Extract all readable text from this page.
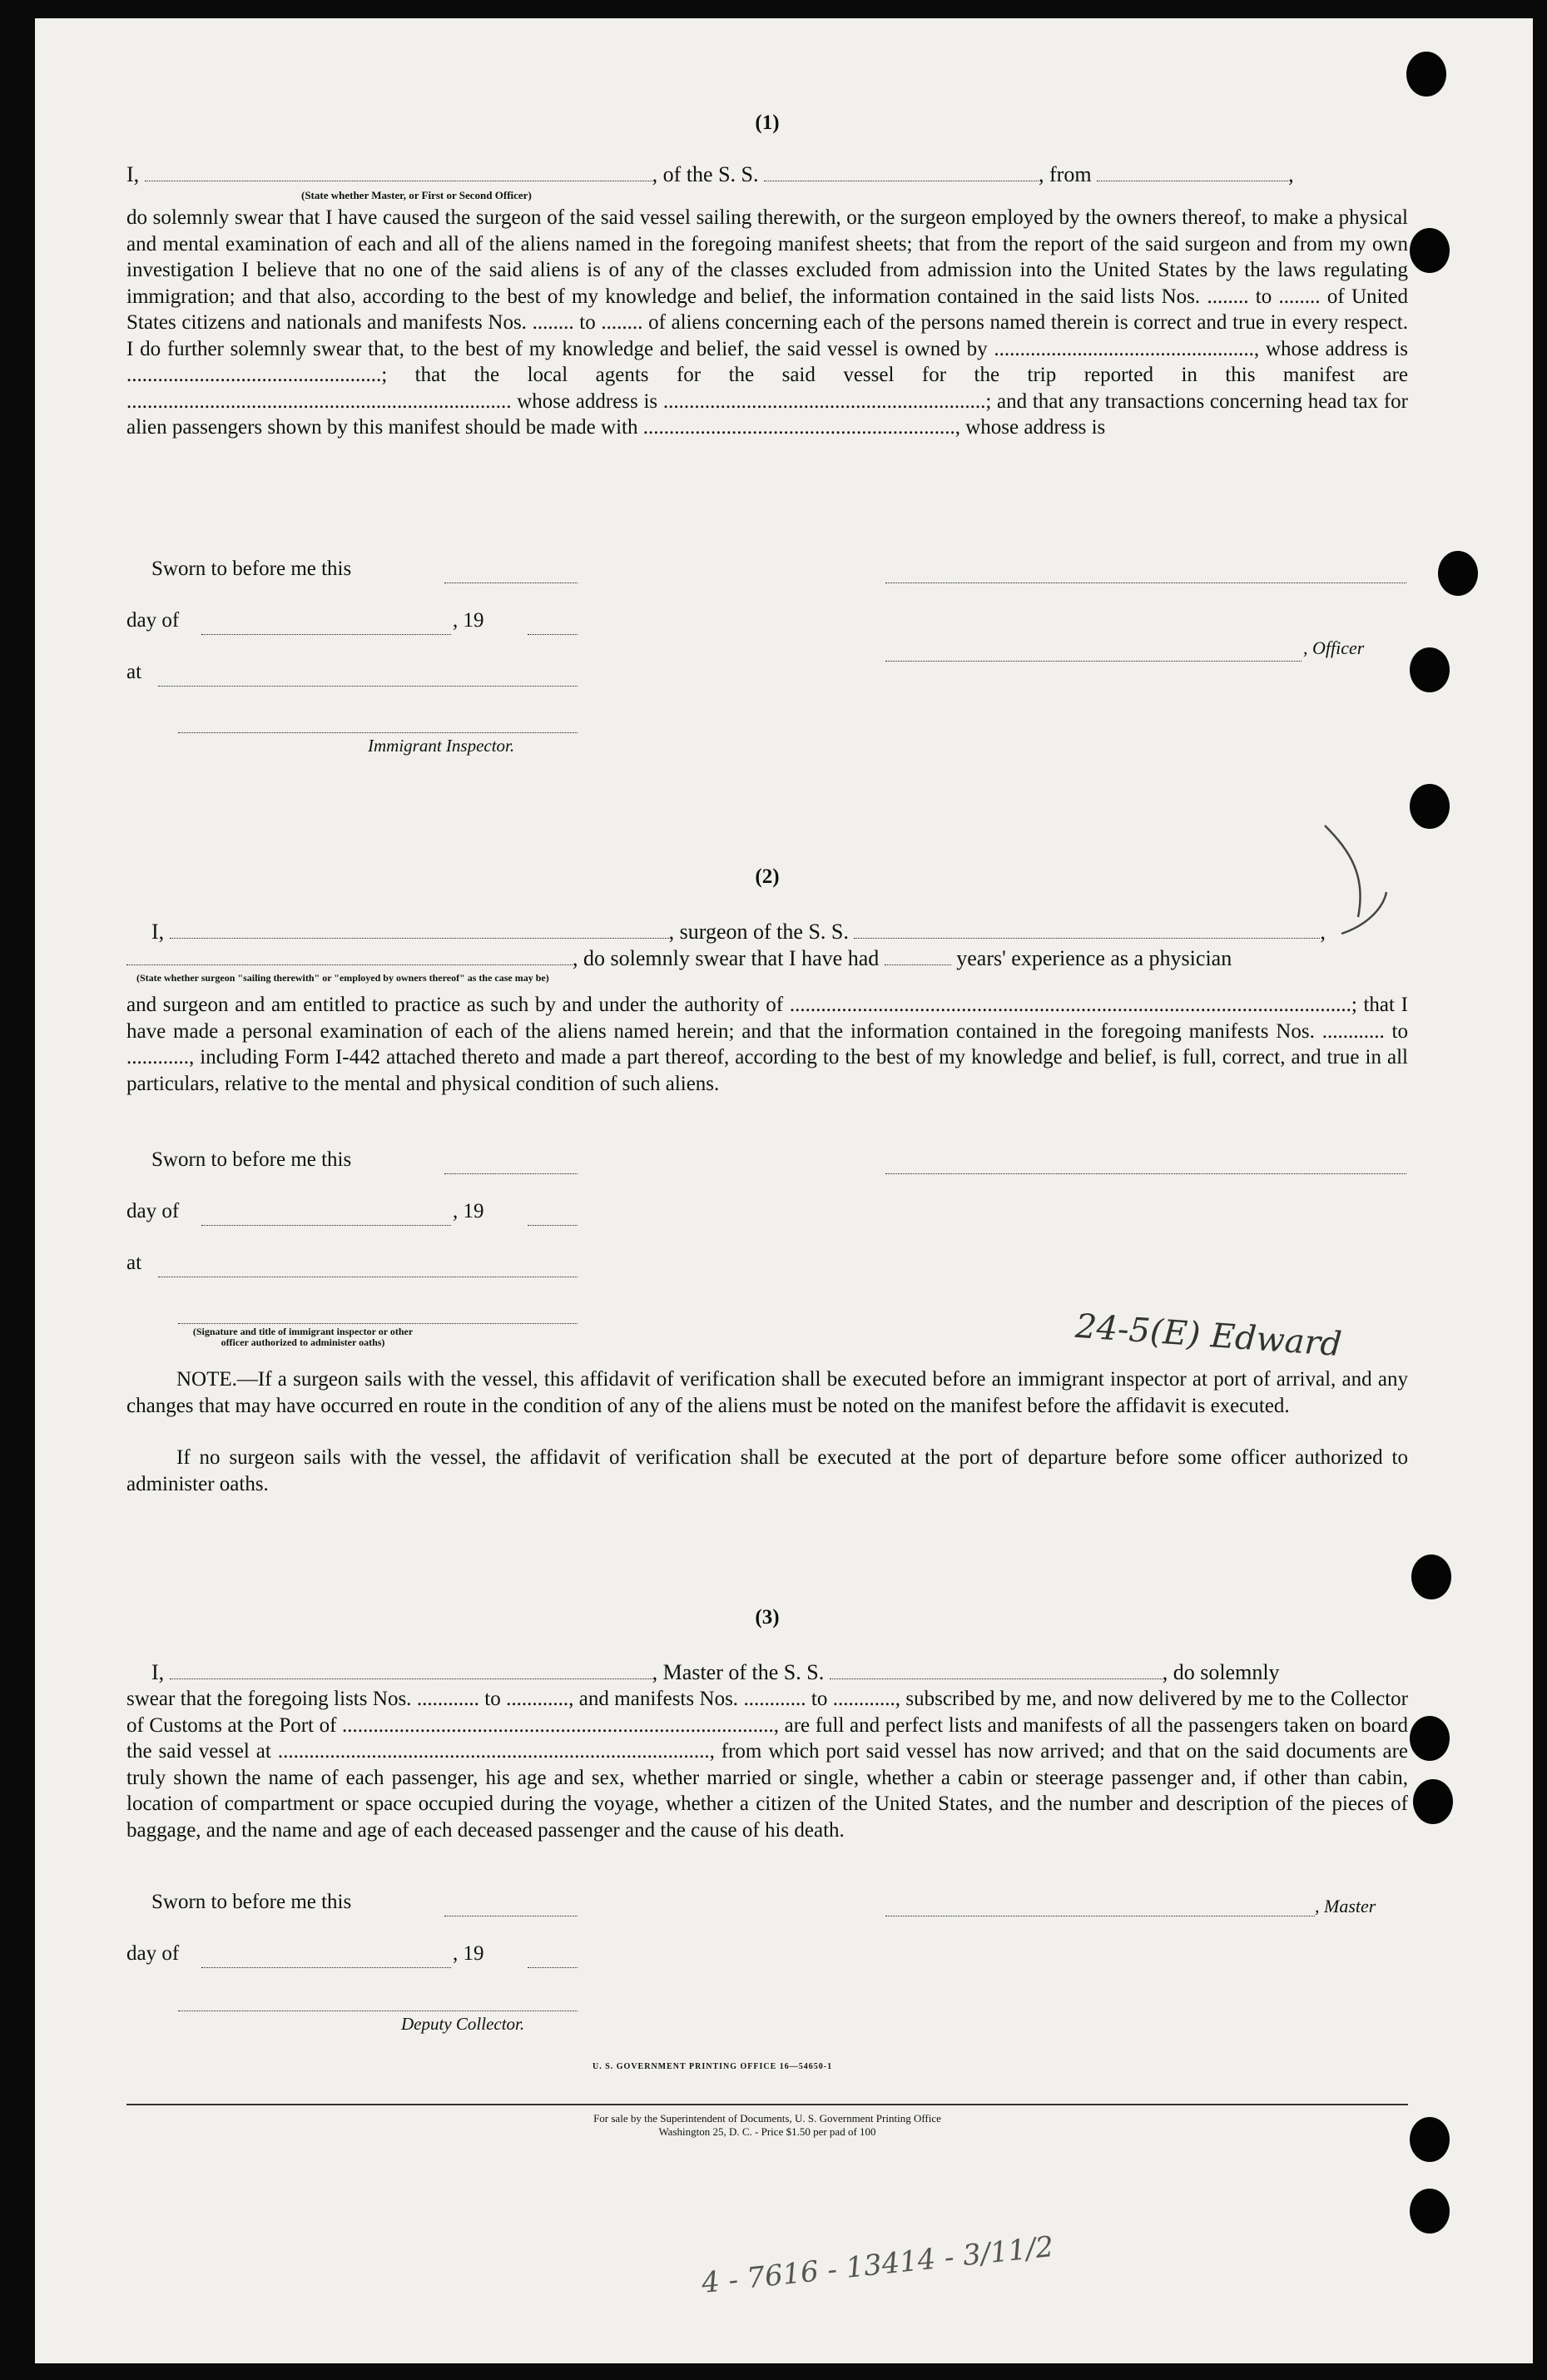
(1)
I,	, of the S. S.	, from	,
(State whether Master, or First or Second Officer)
do solemnly swear that I have caused the surgeon of the said vessel sailing therewith, or the surgeon employed by the owners thereof, to make a physical and mental examination of each and all of the aliens named in the foregoing manifest sheets; that from the report of the said surgeon and from my own investigation I believe that no one of the said aliens is of any of the classes excluded from admission into the United States by the laws regulating immigration; and that also, according to the best of my knowledge and belief, the information contained in the said lists Nos. ........ to ........ of United States citizens and nationals and manifests Nos. ........ to ........ of aliens concerning each of the persons named therein is correct and true in every respect. I do further solemnly swear that, to the best of my knowledge and belief, the said vessel is owned by .................................................., whose address is .................................................; that the local agents for the said vessel for the trip reported in this manifest are .......................................................................... whose address is ..............................................................; and that any transactions concerning head tax for alien passengers shown by this manifest should be made with ............................................................, whose address is
Sworn to before me this
day of	, 19
, Officer
at
Immigrant Inspector.
(2)
I,	, surgeon of the S. S.	,
, do solemnly swear that I have had	years' experience as a physician
(State whether surgeon "sailing therewith" or "employed by owners thereof" as the case may be)
and surgeon and am entitled to practice as such by and under the authority of ............................................................................................................; that I have made a personal examination of each of the aliens named herein; and that the information contained in the foregoing manifests Nos. ............ to ............, including Form I-442 attached thereto and made a part thereof, according to the best of my knowledge and belief, is full, correct, and true in all particulars, relative to the mental and physical condition of such aliens.
Sworn to before me this
day of	, 19
at
(Signature and title of immigrant inspector or other officer authorized to administer oaths)
NOTE.—If a surgeon sails with the vessel, this affidavit of verification shall be executed before an immigrant inspector at port of arrival, and any changes that may have occurred en route in the condition of any of the aliens must be noted on the manifest before the affidavit is executed.
If no surgeon sails with the vessel, the affidavit of verification shall be executed at the port of departure before some officer authorized to administer oaths.
(3)
I,	, Master of the S. S.	, do solemnly
swear that the foregoing lists Nos. ............ to ............, and manifests Nos. ............ to ............, subscribed by me, and now delivered by me to the Collector of Customs at the Port of ..................................................................................., are full and perfect lists and manifests of all the passengers taken on board the said vessel at ..................................................................................., from which port said vessel has now arrived; and that on the said documents are truly shown the name of each passenger, his age and sex, whether married or single, whether a cabin or steerage passenger and, if other than cabin, location of compartment or space occupied during the voyage, whether a citizen of the United States, and the number and description of the pieces of baggage, and the name and age of each deceased passenger and the cause of his death.
Sworn to before me this	, Master
day of	, 19
Deputy Collector.
U. S. GOVERNMENT PRINTING OFFICE 16—54650-1
For sale by the Superintendent of Documents, U. S. Government Printing Office
Washington 25, D. C. - Price $1.50 per pad of 100
24-5(E) Edward
4 - 7616 - 13414 - 3/11/2
